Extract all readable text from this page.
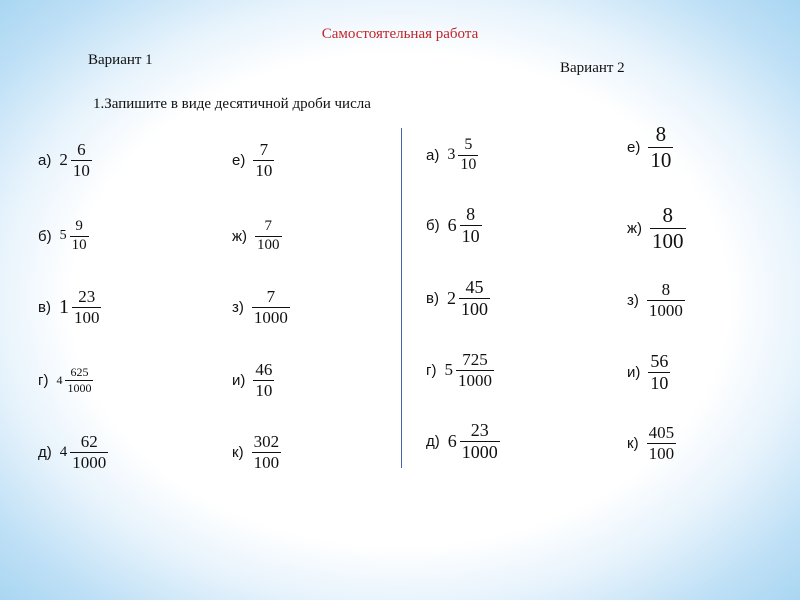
Самостоятельная работа
Вариант 1	Вариант 2
1.Запишите в виде десятичной дроби числа
а) $2 \frac{6}{10}$
б) $5 \frac{9}{10}$
в) $1 \frac{23}{100}$
г) $4 \frac{625}{1000}$
д) $4 \frac{62}{1000}$
$е) \frac{7}{10}$
$ж) \frac{7}{100}$
$з) \frac{7}{1000}$
$и) \frac{46}{10}$
$к) \frac{302}{100}$
а) $3 \frac{5}{10}$
б) $6 \frac{8}{10}$
в) $2 \frac{45}{100}$
г) $5 \frac{725}{1000}$
д) $6 \frac{23}{1000}$
$е) \frac{8}{10}$
$ж) \frac{8}{100}$
$з) \frac{8}{1000}$
$и) \frac{56}{10}$
$к) \frac{405}{100}$
